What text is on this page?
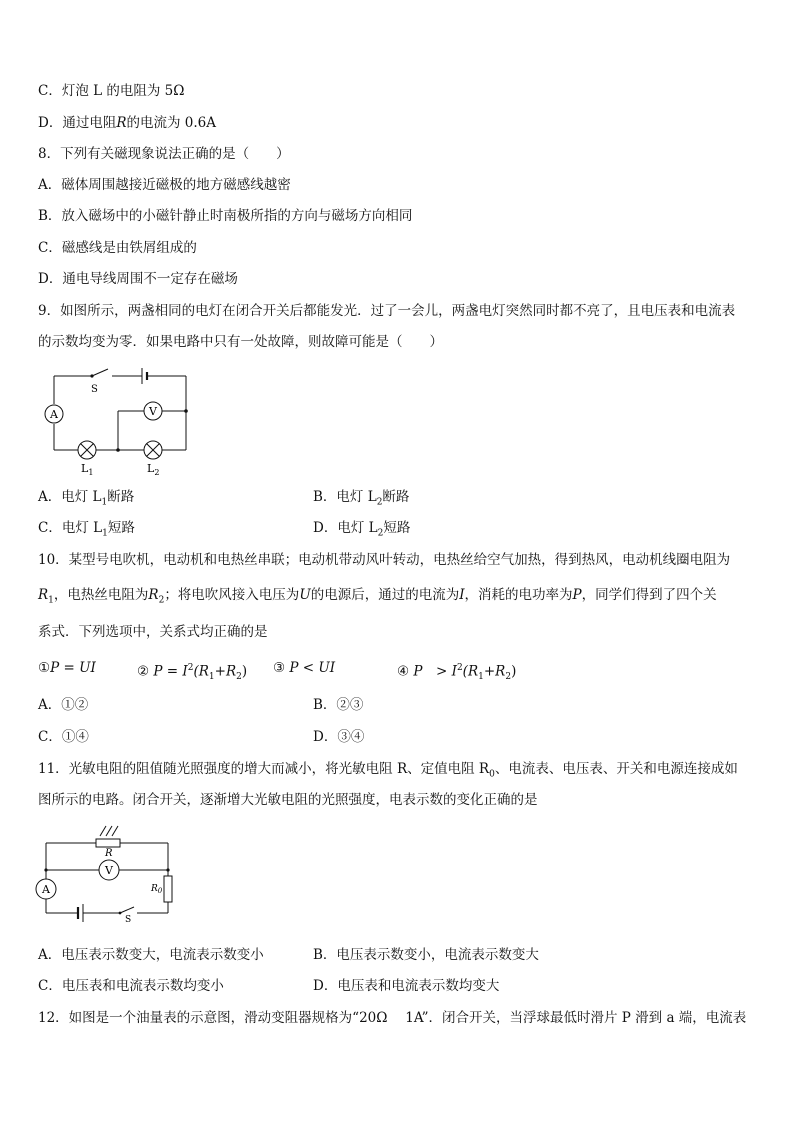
C．灯泡 L 的电阻为 5Ω
D．通过电阻R的电流为 0.6A
8．下列有关磁现象说法正确的是（　　）
A．磁体周围越接近磁极的地方磁感线越密
B．放入磁场中的小磁针静止时南极所指的方向与磁场方向相同
C．磁感线是由铁屑组成的
D．通电导线周围不一定存在磁场
9．如图所示，两盏相同的电灯在闭合开关后都能发光．过了一会儿，两盏电灯突然同时都不亮了，且电压表和电流表
的示数均变为零．如果电路中只有一处故障，则故障可能是（　　）
A	V
S
$L_1$	$L_2$
A．电灯 $L_1$断路	B．电灯 $L_2$断路
C．电灯 $L_1$短路	D．电灯 $L_2$短路
10．某型号电吹机，电动机和电热丝串联；电动机带动风叶转动，电热丝给空气加热，得到热风，电动机线圈电阻为
$R_1$，电热丝电阻为$R_2$；将电吹风接入电压为U的电源后，通过的电流为I，消耗的电功率为P，同学们得到了四个关
系式．下列选项中，关系式均正确的是
①P = UI	② $P = I^2(R_1+R_2)$ ③ P < UI	④ P　> $I^2(R_1+R_2)$
A．①②	B．②③
C．①④	D．③④
11．光敏电阻的阻值随光照强度的增大而减小，将光敏电阻 R、定值电阻 $R_0$、电流表、电压表、开关和电源连接成如
图所示的电路。闭合开关，逐渐增大光敏电阻的光照强度，电表示数的变化正确的是
R
$R_0$
A
V
S
A．电压表示数变大，电流表示数变小	B．电压表示数变小，电流表示数变大
C．电压表和电流表示数均变小	D．电压表和电流表示数均变大
12．如图是一个油量表的示意图，滑动变阻器规格为“20Ω　 1A”．闭合开关，当浮球最低时滑片 P 滑到 a 端，电流表
